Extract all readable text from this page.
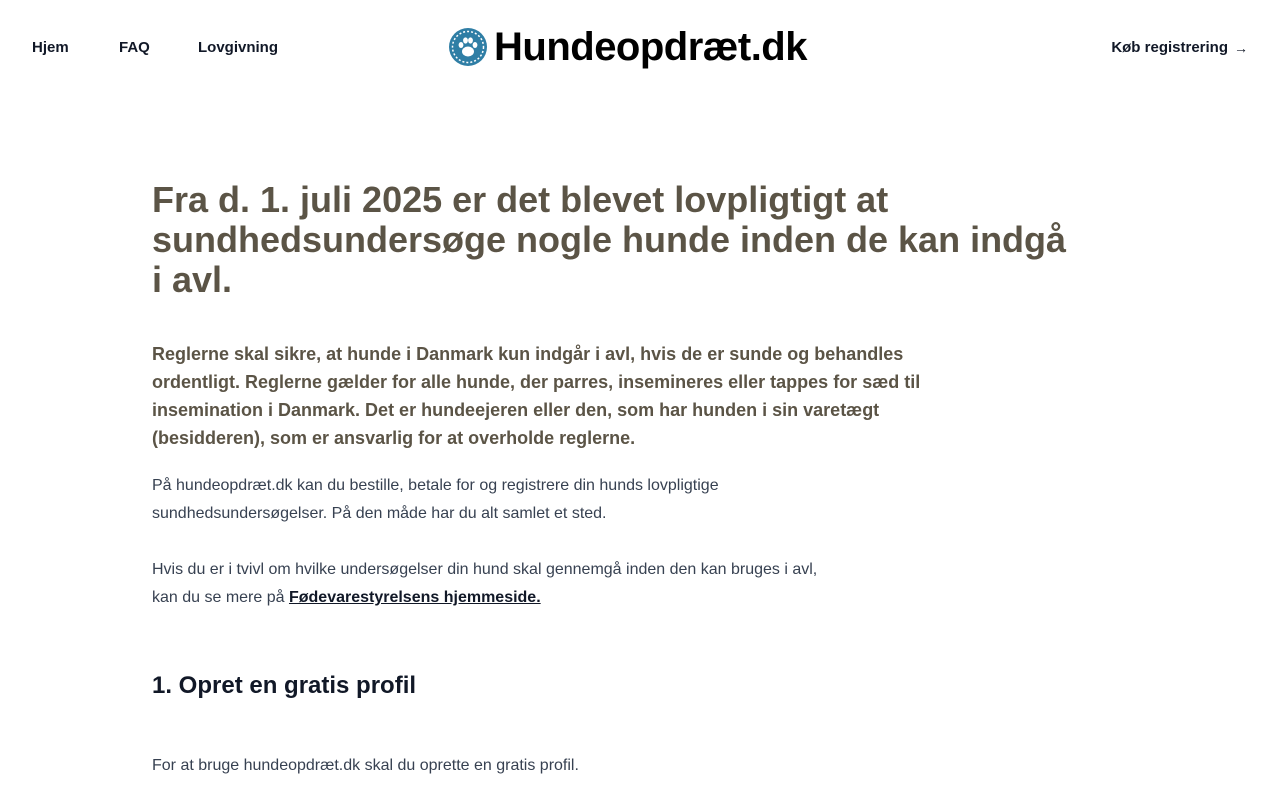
Hjem	FAQ	Lovgivning	Hundeopdræt.dk	Køb registrering →
Fra d. 1. juli 2025 er det blevet lovpligtigt at sundhedsundersøge nogle hunde inden de kan indgå i avl.

Reglerne skal sikre, at hunde i Danmark kun indgår i avl, hvis de er sunde og behandles ordentligt. Reglerne gælder for alle hunde, der parres, insemineres eller tappes for sæd til insemination i Danmark. Det er hundeejeren eller den, som har hunden i sin varetægt (besidderen), som er ansvarlig for at overholde reglerne.

På hundeopdræt.dk kan du bestille, betale for og registrere din hunds lovpligtige sundhedsundersøgelser. På den måde har du alt samlet et sted.

Hvis du er i tvivl om hvilke undersøgelser din hund skal gennemgå inden den kan bruges i avl, kan du se mere på Fødevarestyrelsens hjemmeside.

1. Opret en gratis profil

For at bruge hundeopdræt.dk skal du oprette en gratis profil.
